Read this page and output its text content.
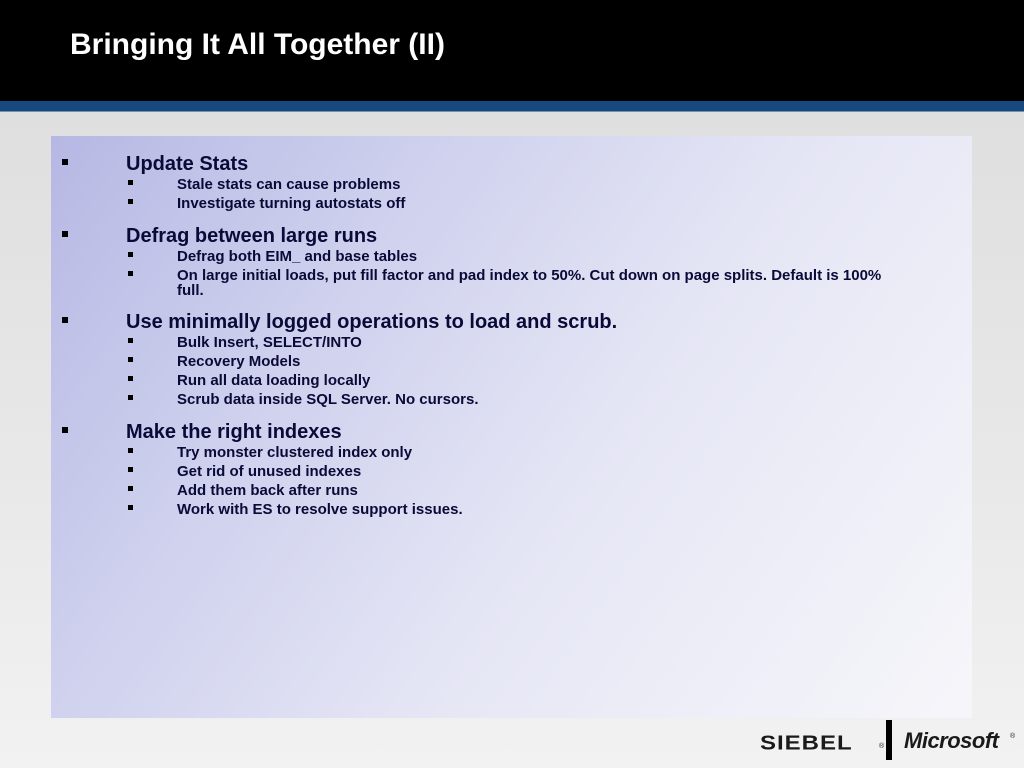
Bringing It All Together (II)
Update Stats
Stale stats can cause problems
Investigate turning autostats off
Defrag between large runs
Defrag both EIM_ and base tables
On large initial loads, put fill factor and pad index to 50%. Cut down on page splits. Default is 100% full.
Use minimally logged operations to load and scrub.
Bulk Insert, SELECT/INTO
Recovery Models
Run all data loading locally
Scrub data inside SQL Server. No cursors.
Make the right indexes
Try monster clustered index only
Get rid of unused indexes
Add them back after runs
Work with ES to resolve support issues.
SIEBEL	® Microsoft	®
